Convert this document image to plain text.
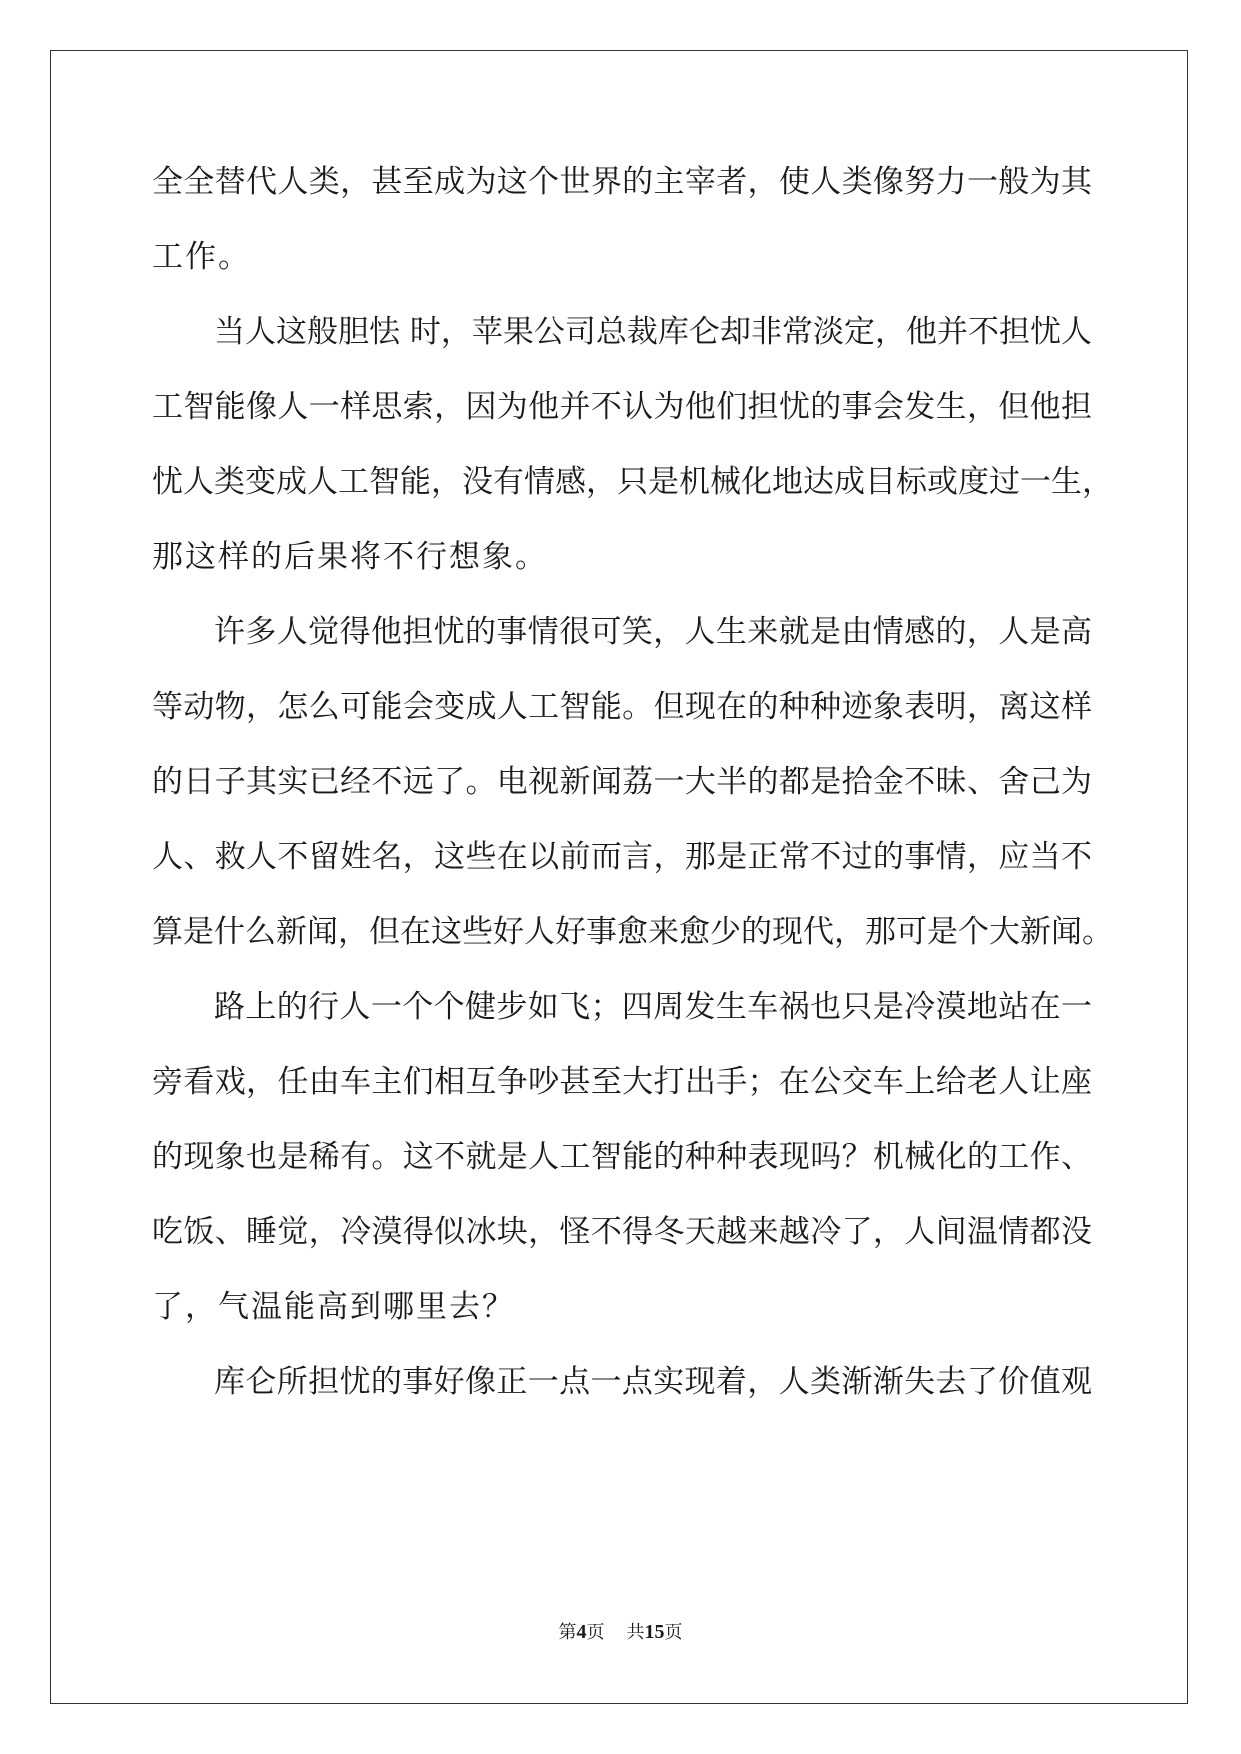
全全替代人类，甚至成为这个世界的主宰者，使人类像努力一般为其
工作。
当人这般胆怯 时，苹果公司总裁库仑却非常淡定，他并不担忧人
工智能像人一样思索，因为他并不认为他们担忧的事会发生，但他担
忧人类变成人工智能，没有情感，只是机械化地达成目标或度过一生，
那这样的后果将不行想象。
许多人觉得他担忧的事情很可笑，人生来就是由情感的，人是高
等动物，怎么可能会变成人工智能。但现在的种种迹象表明，离这样
的日子其实已经不远了。电视新闻荔一大半的都是拾金不昧、舍己为
人、救人不留姓名，这些在以前而言，那是正常不过的事情，应当不
算是什么新闻，但在这些好人好事愈来愈少的现代，那可是个大新闻。
路上的行人一个个健步如飞；四周发生车祸也只是冷漠地站在一
旁看戏，任由车主们相互争吵甚至大打出手；在公交车上给老人让座
的现象也是稀有。这不就是人工智能的种种表现吗？机械化的工作、
吃饭、睡觉，冷漠得似冰块，怪不得冬天越来越冷了，人间温情都没
了，气温能高到哪里去？
库仑所担忧的事好像正一点一点实现着，人类渐渐失去了价值观
第4页 共15页
